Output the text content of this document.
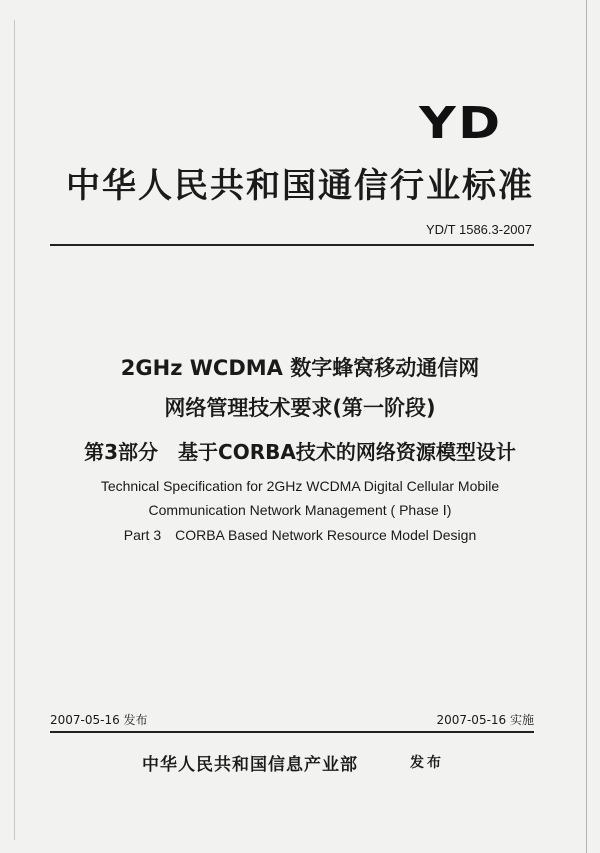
YD
中华人民共和国通信行业标准
YD/T 1586.3-2007
2GHz WCDMA 数字蜂窝移动通信网
网络管理技术要求(第一阶段)
第3部分　基于CORBA技术的网络资源模型设计
Technical Specification for 2GHz WCDMA Digital Cellular Mobile
Communication Network Management ( Phase Ⅰ)
Part 3　CORBA Based Network Resource Model Design
2007-05-16 发布	2007-05-16 实施
中华人民共和国信息产业部	发布
